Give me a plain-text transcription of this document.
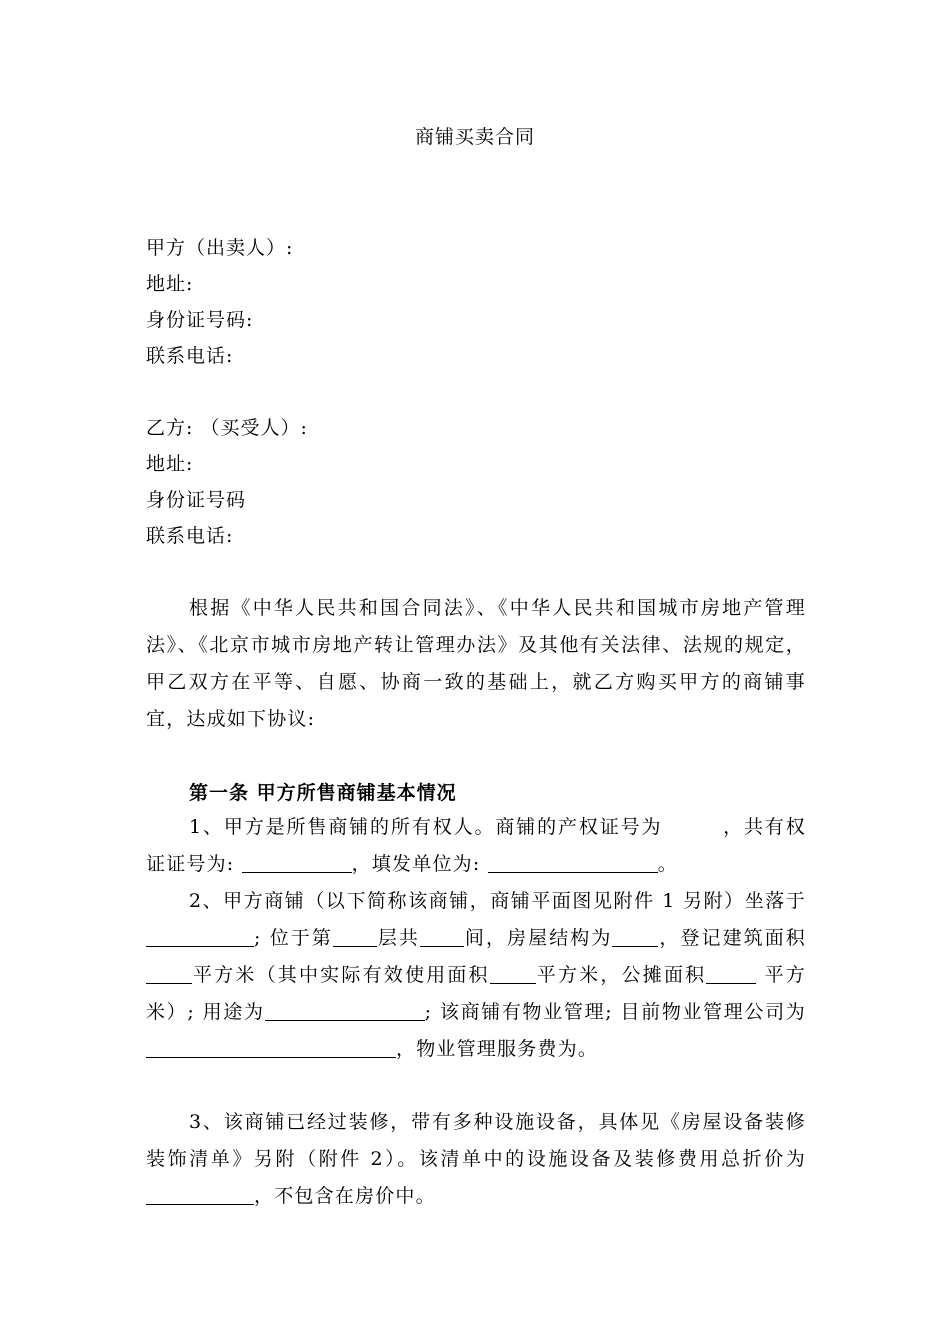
商铺买卖合同
甲方（出卖人）:
地址:
身份证号码:
联系电话:
乙方: （买受人）:
地址:
身份证号码
联系电话:
根据《中华人民共和国合同法》、《中华人民共和国城市房地产管理法》、《北京市城市房地产转让管理办法》及其他有关法律、法规的规定，甲乙双方在平等、自愿、协商一致的基础上，就乙方购买甲方的商铺事宜，达成如下协议:
第一条 甲方所售商铺基本情况
1、甲方是所售商铺的所有权人。商铺的产权证号为	，共有权证证号为:	，填发单位为:	。
2、甲方商铺（以下简称该商铺，商铺平面图见附件 1 另附）坐落于; 位于第 层共 间，房屋结构为 ，登记建筑面积 平方米（其中实际有效使用面积 平方米，公摊面积	平方米）; 用途为	; 该商铺有物业管理; 目前物业管理公司为 ，物业管理服务费为。
3、该商铺已经过装修，带有多种设施设备，具体见《房屋设备装修装饰清单》另附（附件 2）。该清单中的设施设备及装修费用总折价为，不包含在房价中。
